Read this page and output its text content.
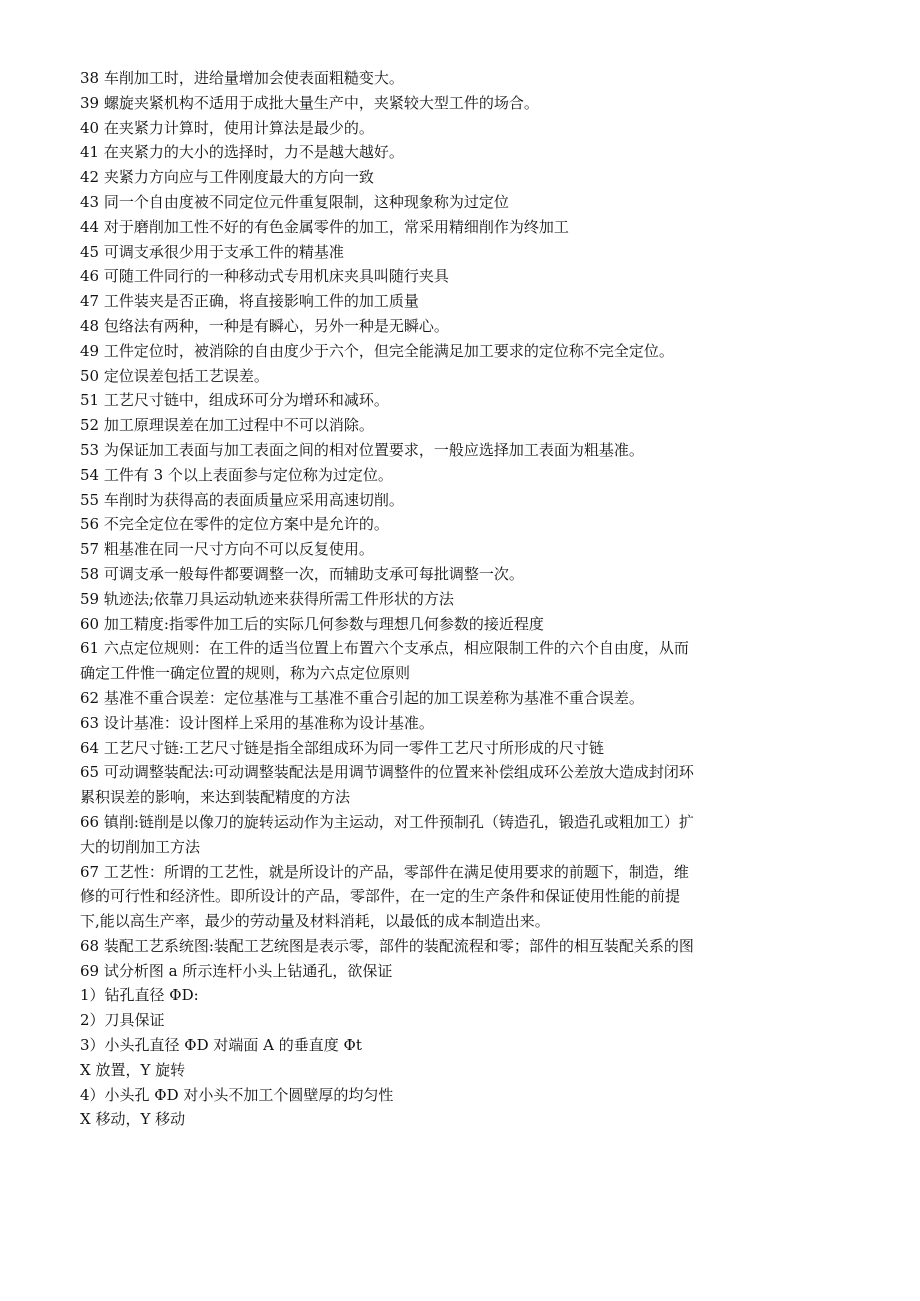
38 车削加工时，进给量增加会使表面粗糙变大。
39 螺旋夹紧机构不适用于成批大量生产中，夹紧较大型工件的场合。
40 在夹紧力计算时，使用计算法是最少的。
41 在夹紧力的大小的选择时，力不是越大越好。
42 夹紧力方向应与工件刚度最大的方向一致
43 同一个自由度被不同定位元件重复限制，这种现象称为过定位
44 对于磨削加工性不好的有色金属零件的加工，常采用精细削作为终加工
45 可调支承很少用于支承工件的精基准
46 可随工件同行的一种移动式专用机床夹具叫随行夹具
47 工件装夹是否正确，将直接影响工件的加工质量
48 包络法有两种，一种是有瞬心，另外一种是无瞬心。
49 工件定位时，被消除的自由度少于六个，但完全能满足加工要求的定位称不完全定位。
50 定位误差包括工艺误差。
51 工艺尺寸链中，组成环可分为增环和减环。
52 加工原理误差在加工过程中不可以消除。
53 为保证加工表面与加工表面之间的相对位置要求，一般应选择加工表面为粗基准。
54 工件有 3 个以上表面参与定位称为过定位。
55 车削时为获得高的表面质量应采用高速切削。
56 不完全定位在零件的定位方案中是允许的。
57 粗基准在同一尺寸方向不可以反复使用。
58 可调支承一般每件都要调整一次，而辅助支承可每批调整一次。
59 轨迹法;依靠刀具运动轨迹来获得所需工件形状的方法
60 加工精度:指零件加工后的实际几何参数与理想几何参数的接近程度
61 六点定位规则：在工件的适当位置上布置六个支承点，相应限制工件的六个自由度，从而
确定工件惟一确定位置的规则，称为六点定位原则
62 基准不重合误差：定位基准与工基准不重合引起的加工误差称为基准不重合误差。
63 设计基准：设计图样上采用的基准称为设计基准。
64 工艺尺寸链:工艺尺寸链是指全部组成环为同一零件工艺尺寸所形成的尺寸链
65 可动调整装配法:可动调整装配法是用调节调整件的位置来补偿组成环公差放大造成封闭环
累积误差的影响，来达到装配精度的方法
66 镇削:链削是以像刀的旋转运动作为主运动，对工件预制孔（铸造孔，锻造孔或粗加工）扩
大的切削加工方法
67 工艺性：所谓的工艺性，就是所设计的产品，零部件在满足使用要求的前题下，制造，维
修的可行性和经济性。即所设计的产品，零部件，在一定的生产条件和保证使用性能的前提
下,能以高生产率，最少的劳动量及材料消耗，以最低的成本制造出来。
68 装配工艺系统图:装配工艺统图是表示零，部件的装配流程和零；部件的相互装配关系的图
69 试分析图 a 所示连杆小头上钻通孔，欲保证
1）钻孔直径 ΦD:
2）刀具保证
3）小头孔直径 ΦD 对端面 A 的垂直度 Φt
X 放置，Y 旋转
4）小头孔 ΦD 对小头不加工个圆壁厚的均匀性
X 移动，Y 移动
